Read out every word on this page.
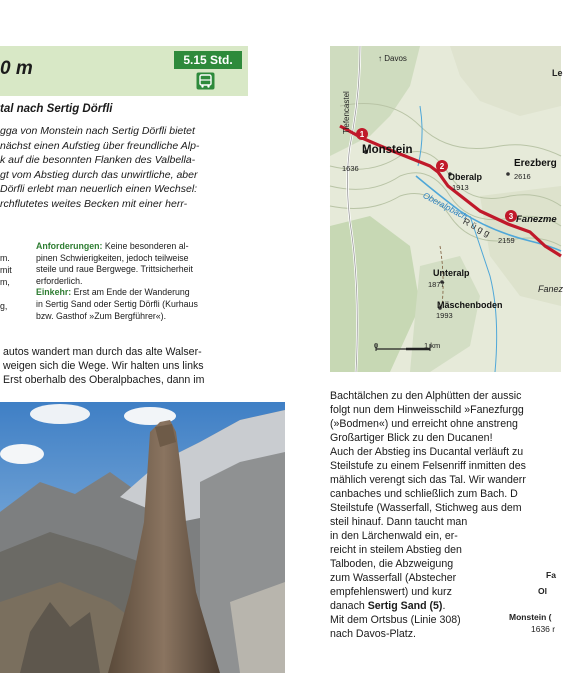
0 m	5.15 Std.
tal nach Sertig Dörfli
gga von Monstein nach Sertig Dörfli bietet
nächst einen Aufstieg über freundliche Alp-
k auf die besonnten Flanken des Valbella-
gt vom Abstieg durch das unwirtliche, aber
Dörfli erlebt man neuerlich einen Wechsel:
rchflutetes weites Becken mit einer herr-
m.
mit
m,
g,
Anforderungen: Keine besonderen al-
pinen Schwierigkeiten, jedoch teilweise
steile und raue Bergwege. Trittsicherheit
erforderlich.
Einkehr: Erst am Ende der Wanderung
in Sertig Sand oder Sertig Dörfli (Kurhaus
bzw. Gasthof »Zum Bergführer«).
autos wandert man durch das alte Walser-
weigen sich die Wege. Wir halten uns links
Erst oberhalb des Oberalpbaches, dann im
1
2
3
↑ Davos
Le
Tiefencastel
Monstein
1636
Oberalp
1913
Erezberg
2616
Oberalpbach
R ü g g	Fanezme
2159
Unteralp
1877	Fanez
Mäschenboden
1993
0	1 km
Bachtälchen zu den Alphütten der aussic
folgt nun dem Hinweisschild »Fanezfurgg
(»Bodmen«) und erreicht ohne anstreng
Großartiger Blick zu den Ducanen!
Auch der Abstieg ins Ducantal verläuft zu
Steilstufe zu einem Felsenriff inmitten des
mählich verengt sich das Tal. Wir wanderr
canbaches und schließlich zum Bach. D
Steilstufe (Wasserfall, Stichweg aus dem
steil hinauf. Dann taucht man
in den Lärchenwald ein, er-
reicht in steilem Abstieg den
Talboden, die Abzweigung
zum Wasserfall (Abstecher
empfehlenswert) und kurz
danach Sertig Sand (5).
Mit dem Ortsbus (Linie 308)
nach Davos-Platz.
Fa
Ol
Monstein (
1636 r
